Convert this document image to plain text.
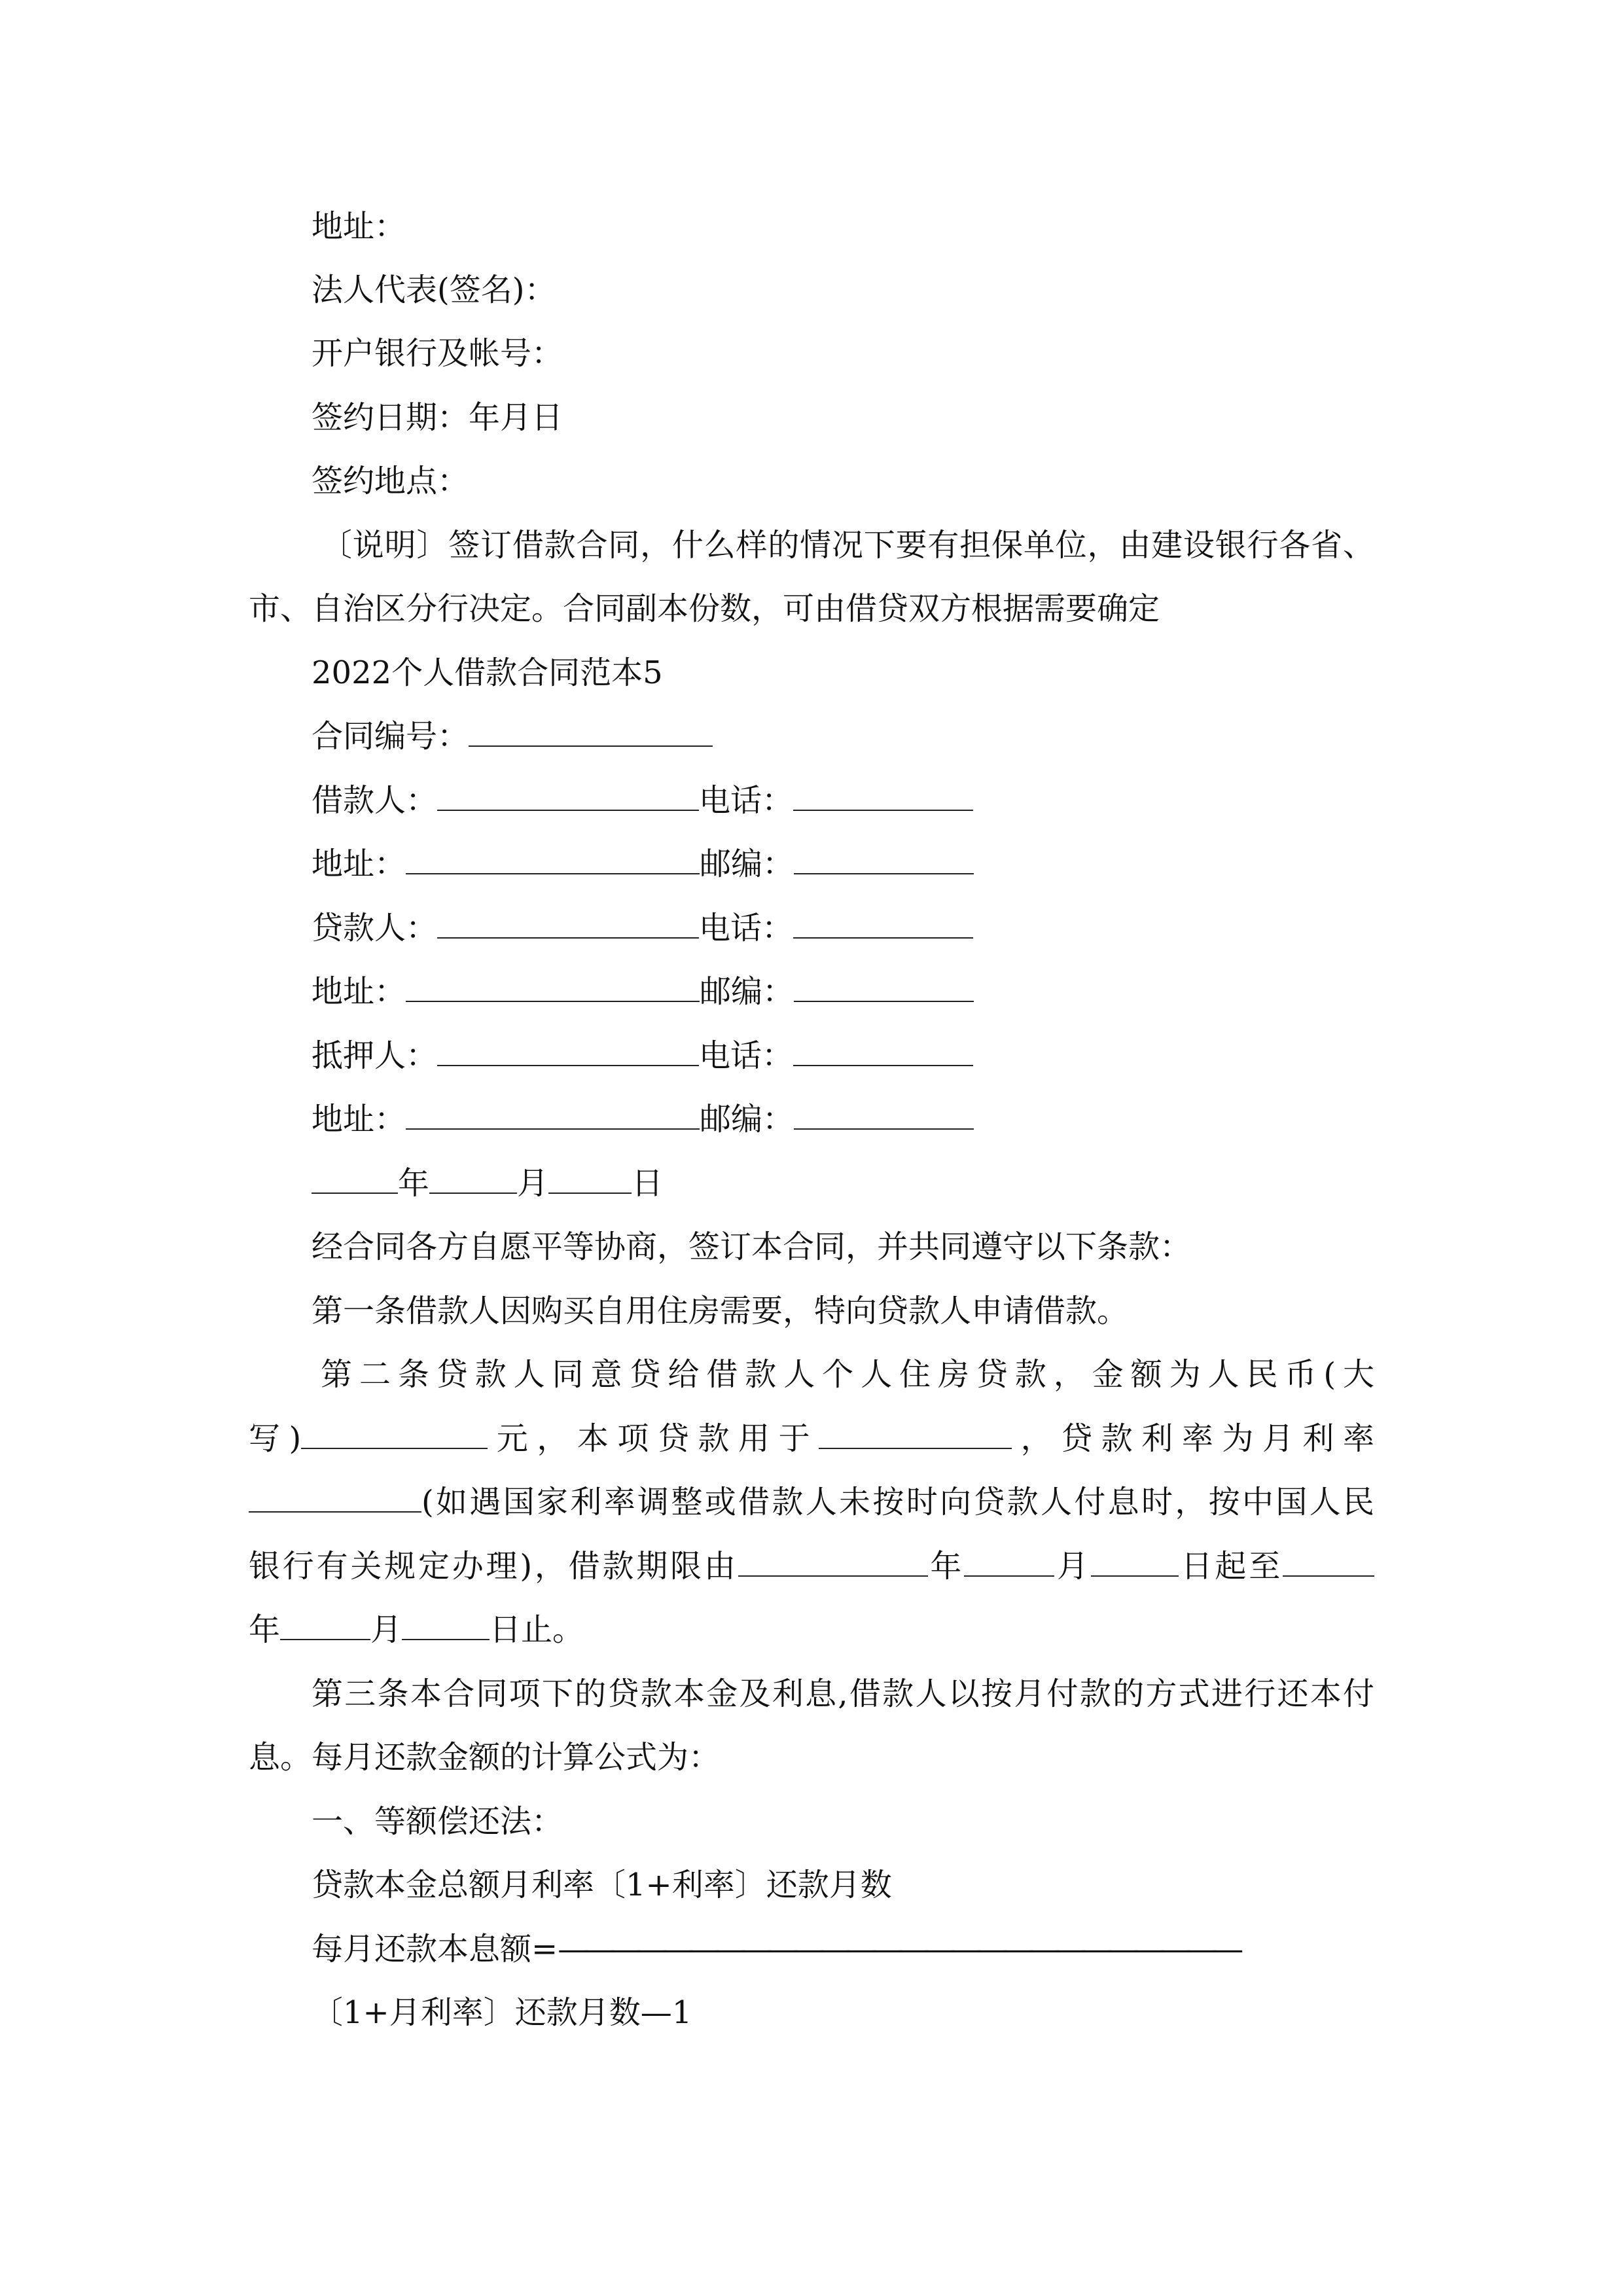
地址：
法人代表(签名)：
开户银行及帐号：
签约日期：年月日
签约地点：
〔说明〕签订借款合同，什么样的情况下要有担保单位，由建设银行各省、
市、自治区分行决定。合同副本份数，可由借贷双方根据需要确定
2022个人借款合同范本5
合同编号：
借款人：	电话：
地址：	邮编：
贷款人：	电话：
地址：	邮编：
抵押人：	电话：
地址：	邮编：
年	月	日
经合同各方自愿平等协商，签订本合同，并共同遵守以下条款：
第一条借款人因购买自用住房需要，特向贷款人申请借款。
第二条贷款人同意贷给借款人个人住房贷款，金额为人民币(大
写)	元，本项贷款用于	，贷款利率为月利率
(如遇国家利率调整或借款人未按时向贷款人付息时，按中国人民
银行有关规定办理)，借款期限由	年	月	日起至
年	月	日止。
第三条本合同项下的贷款本金及利息,借款人以按月付款的方式进行还本付
息。每月还款金额的计算公式为：
一、等额偿还法：
贷款本金总额月利率〔1+利率〕还款月数
每月还款本息额=——————————————————————————
〔1+月利率〕还款月数—1
